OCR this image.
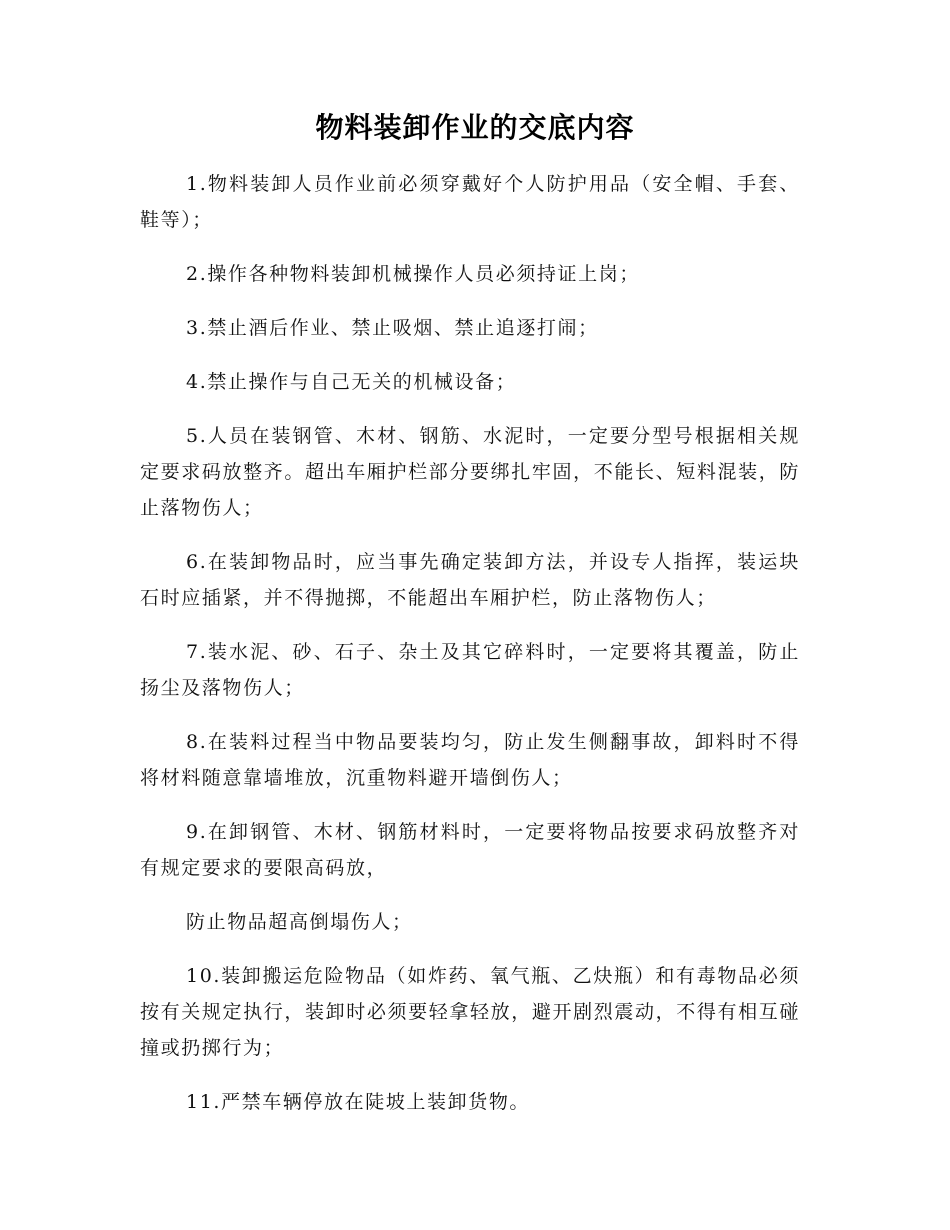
物料装卸作业的交底内容

1.物料装卸人员作业前必须穿戴好个人防护用品（安全帽、手套、鞋等）；

2.操作各种物料装卸机械操作人员必须持证上岗；

3.禁止酒后作业、禁止吸烟、禁止追逐打闹；

4.禁止操作与自己无关的机械设备；

5.人员在装钢管、木材、钢筋、水泥时，一定要分型号根据相关规定要求码放整齐。超出车厢护栏部分要绑扎牢固，不能长、短料混装，防止落物伤人；

6.在装卸物品时，应当事先确定装卸方法，并设专人指挥，装运块石时应插紧，并不得抛掷，不能超出车厢护栏，防止落物伤人；

7.装水泥、砂、石子、杂土及其它碎料时，一定要将其覆盖，防止扬尘及落物伤人；

8.在装料过程当中物品要装均匀，防止发生侧翻事故，卸料时不得将材料随意靠墙堆放，沉重物料避开墙倒伤人；

9.在卸钢管、木材、钢筋材料时，一定要将物品按要求码放整齐对有规定要求的要限高码放，

防止物品超高倒塌伤人；

10.装卸搬运危险物品（如炸药、氧气瓶、乙炔瓶）和有毒物品必须按有关规定执行，装卸时必须要轻拿轻放，避开剧烈震动，不得有相互碰撞或扔掷行为；

11.严禁车辆停放在陡坡上装卸货物。
